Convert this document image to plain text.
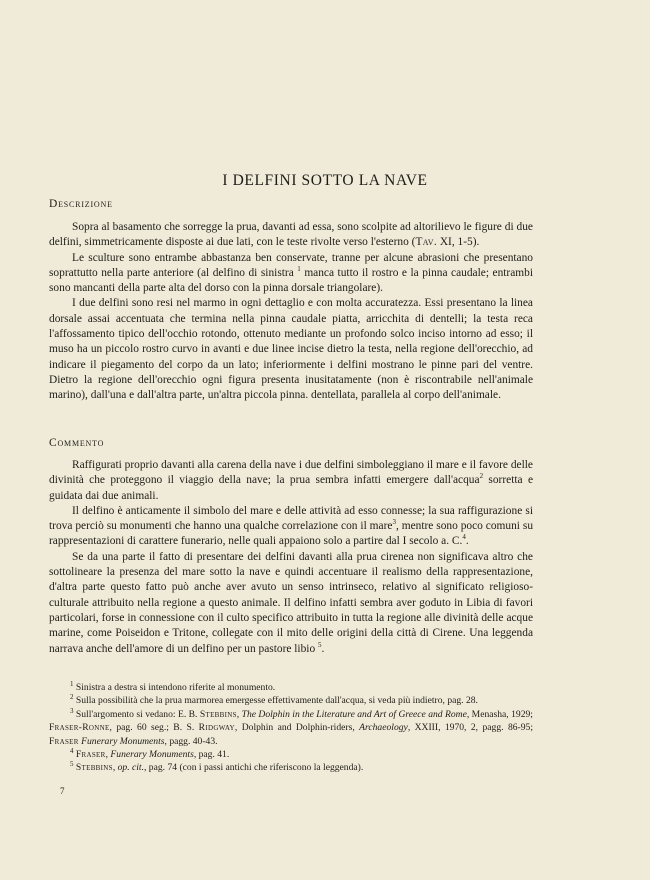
I DELFINI SOTTO LA NAVE
Descrizione

Sopra al basamento che sorregge la prua, davanti ad essa, sono scolpite ad altorilievo le figure di due delfini, simmetricamente disposte ai due lati, con le teste rivolte verso l'esterno (Tav. XI, 1-5).

Le sculture sono entrambe abbastanza ben conservate, tranne per alcune abrasioni che presentano soprattutto nella parte anteriore (al delfino di sinistra $^1$ manca tutto il rostro e la pinna caudale; entrambi sono mancanti della parte alta del dorso con la pinna dorsale triangolare).

I due delfini sono resi nel marmo in ogni dettaglio e con molta accuratezza. Essi presentano la linea dorsale assai accentuata che termina nella pinna caudale piatta, arricchita di dentelli; la testa reca l'affossamento tipico dell'occhio rotondo, ottenuto mediante un profondo solco inciso intorno ad esso; il muso ha un piccolo rostro curvo in avanti e due linee incise dietro la testa, nella regione dell'orecchio, ad indicare il piegamento del corpo da un lato; inferiormente i delfini mostrano le pinne pari del ventre. Dietro la regione dell'orecchio ogni figura presenta inusitatamente (non è riscontrabile nell'animale marino), dall'una e dall'altra parte, un'altra piccola pinna. dentellata, parallela al corpo dell'animale.

Commento

Raffigurati proprio davanti alla carena della nave i due delfini simboleggiano il mare e il favore delle divinità che proteggono il viaggio della nave; la prua sembra infatti emergere dall'acqua$^2$ sorretta e guidata dai due animali.

Il delfino è anticamente il simbolo del mare e delle attività ad esso connesse; la sua raffigurazione si trova perciò su monumenti che hanno una qualche correlazione con il mare$^3$, mentre sono poco comuni su rappresentazioni di carattere funerario, nelle quali appaiono solo a partire dal I secolo a. C.$^4$.

Se da una parte il fatto di presentare dei delfini davanti alla prua cirenea non significava altro che sottolineare la presenza del mare sotto la nave e quindi accentuare il realismo della rappresentazione, d'altra parte questo fatto può anche aver avuto un senso intrinseco, relativo al significato religioso-culturale attribuito nella regione a questo animale. Il delfino infatti sembra aver goduto in Libia di favori particolari, forse in connessione con il culto specifico attribuito in tutta la regione alle divinità delle acque marine, come Poiseidon e Tritone, collegate con il mito delle origini della città di Cirene. Una leggenda narrava anche dell'amore di un delfino per un pastore libio $^5$.

$^1$ Sinistra a destra si intendono riferite al monumento.

$^2$ Sulla possibilità che la prua marmorea emergesse effettivamente dall'acqua, si veda più indietro, pag. 28.

$^3$ Sull'argomento si vedano: E. B. Stebbins, The Dolphin in the Literature and Art of Greece and Rome, Menasha, 1929; Fraser-Ronne, pag. 60 seg.; B. S. Ridgway, Dolphin and Dolphin-riders, Archaeology, XXIII, 1970, 2, pagg. 86-95; Fraser Funerary Monuments, pagg. 40-43.

$^4$ Fraser, Funerary Monuments, pag. 41.

$^5$ Stebbins, op. cit., pag. 74 (con i passi antichi che riferiscono la leggenda).

7
